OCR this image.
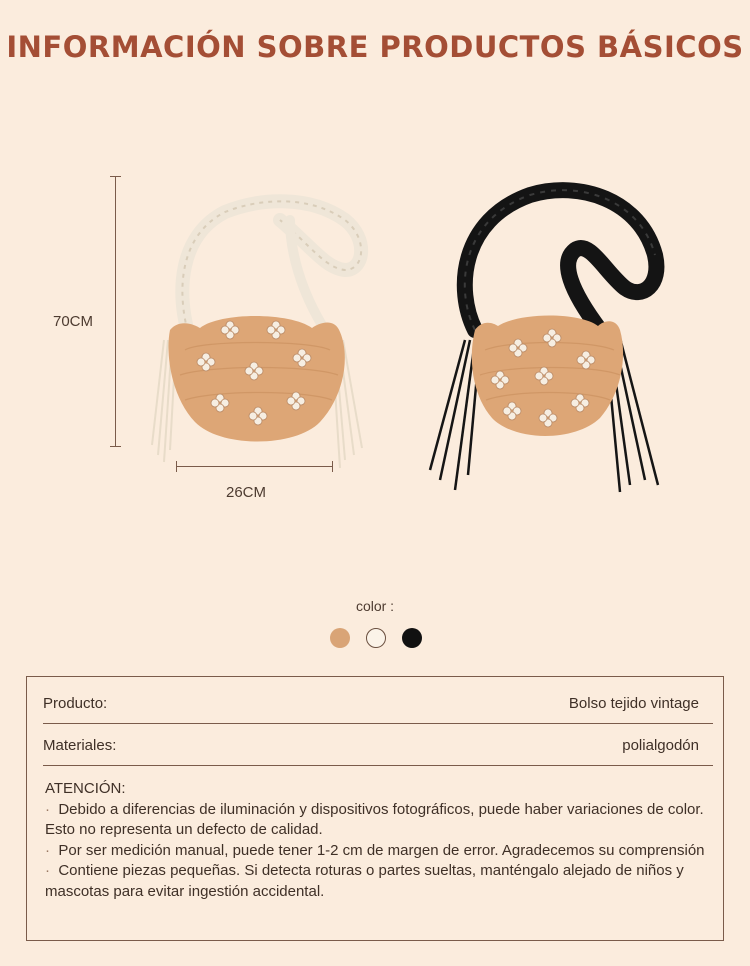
INFORMACIÓN SOBRE PRODUCTOS BÁSICOS
70CM
26CM
color :
Producto:	Bolso tejido vintage
Materiales:	polialgodón

ATENCIÓN:

·  Debido a diferencias de iluminación y dispositivos fotográficos, puede haber variaciones de color. Esto no representa un defecto de calidad.

·  Por ser medición manual, puede tener 1-2 cm de margen de error. Agradecemos su comprensión

·  Contiene piezas pequeñas. Si detecta roturas o partes sueltas, manténgalo alejado de niños y mascotas para evitar ingestión accidental.
